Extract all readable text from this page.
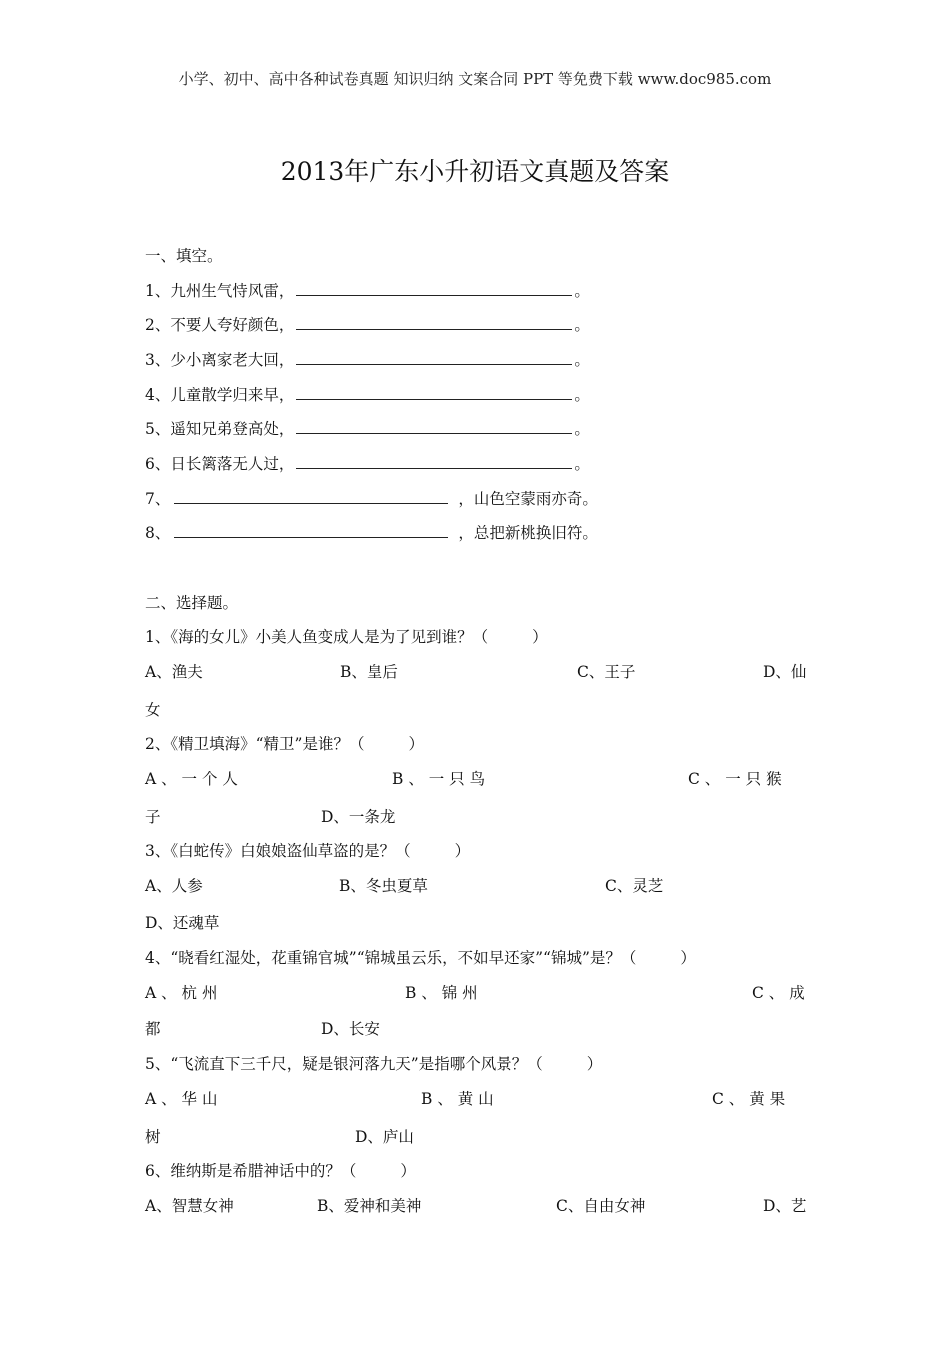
小学、初中、高中各种试卷真题 知识归纳 文案合同 PPT 等免费下载 www.doc985.com
2013年广东小升初语文真题及答案
一、填空。
1、九州生气恃风雷，	。
2、不要人夸好颜色，	。
3、少小离家老大回，	。
4、儿童散学归来早，	。
5、遥知兄弟登高处，	。
6、日长篱落无人过，	。
7、	，山色空蒙雨亦奇。
8、	，总把新桃换旧符。
二、选择题。
1、《海的女儿》小美人鱼变成人是为了见到谁？（	）
A、渔夫	B、皇后	C、王子	D、仙
女
2、《精卫填海》“精卫”是谁？（	）
A 、 一 个 人	B 、 一 只 鸟	C 、 一 只 猴
子	D、一条龙
3、《白蛇传》白娘娘盗仙草盗的是？（	）
A、人参	B、冬虫夏草	C、灵芝
D、还魂草
4、“晓看红湿处，花重锦官城”“锦城虽云乐，不如早还家”“锦城”是？（	）
A 、 杭 州	B 、 锦 州	C 、 成
都	D、长安
5、“飞流直下三千尺，疑是银河落九天”是指哪个风景？（	）
A 、 华 山	B 、 黄 山	C 、 黄 果
树	D、庐山
6、维纳斯是希腊神话中的？（	）
A、智慧女神	B、爱神和美神	C、自由女神	D、艺
